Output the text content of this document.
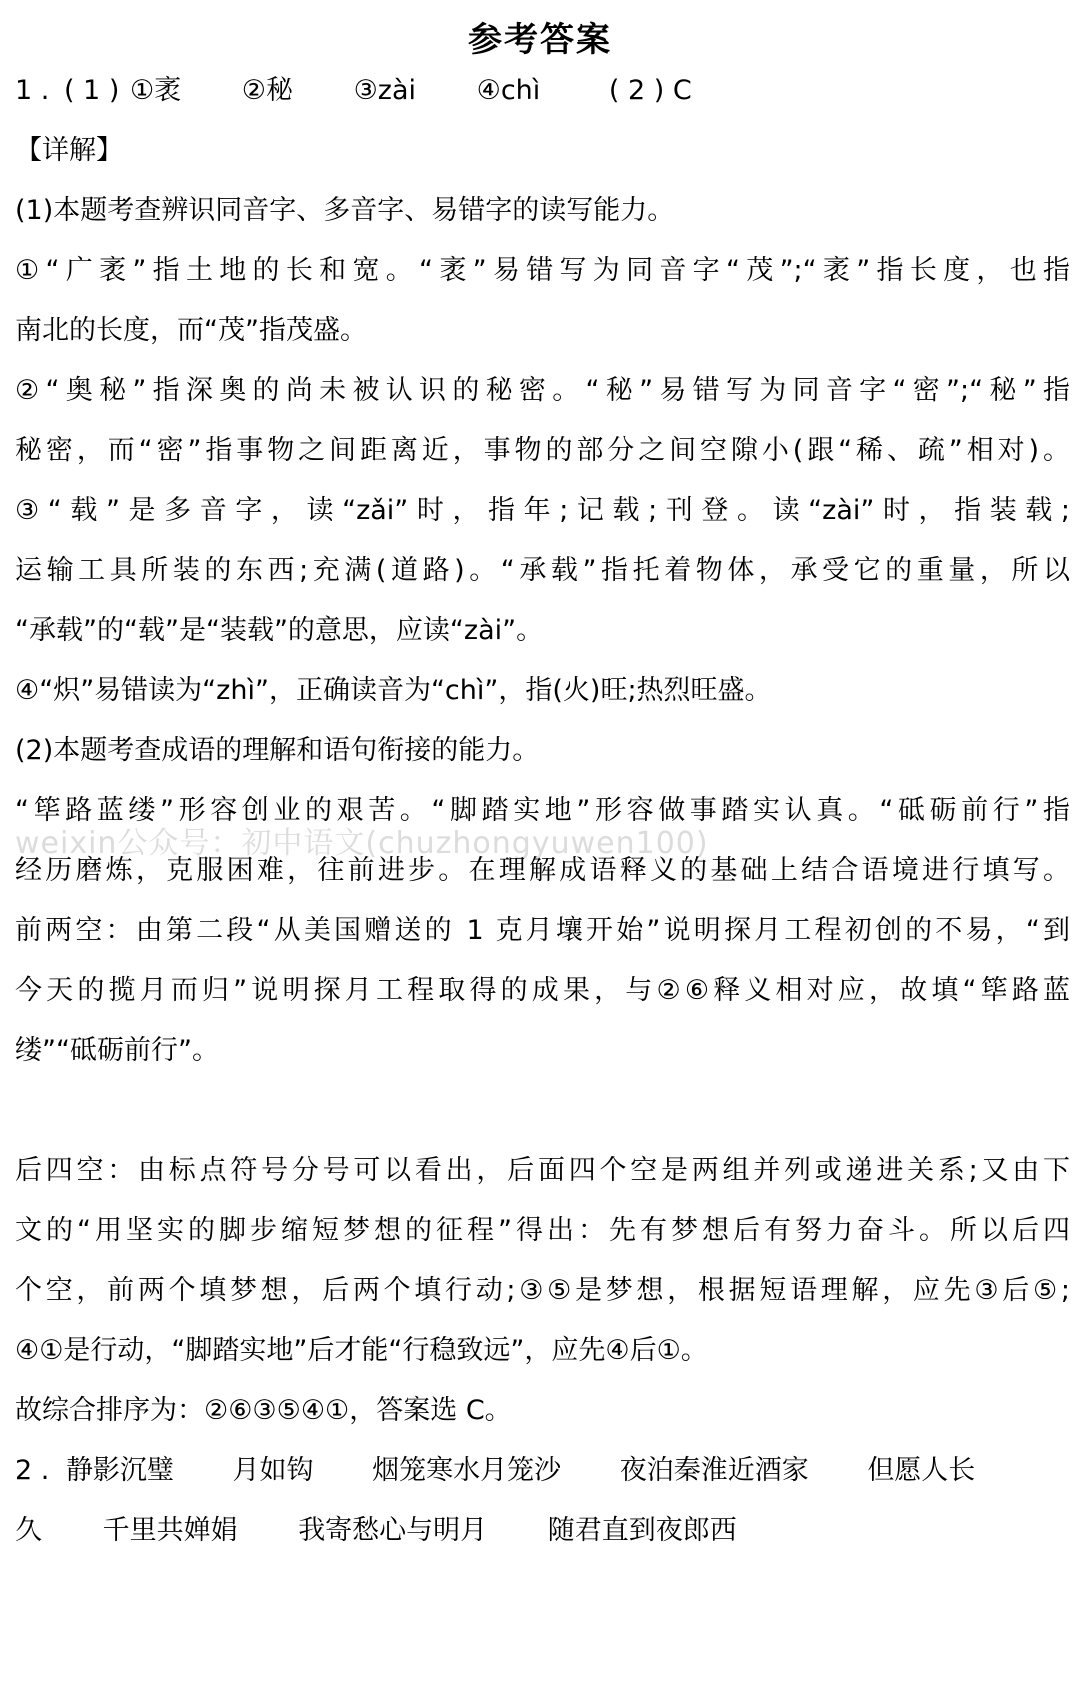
参考答案
1 . ( 1 ) ①袤 ②秘 ③zài ④chì	( 2 ) C
【详解】
(1)本题考查辨识同音字、多音字、易错字的读写能力。
①“广袤”指土地的长和宽。“袤”易错写为同音字“茂”;“袤”指长度，也指
南北的长度，而“茂”指茂盛。
②“奥秘”指深奥的尚未被认识的秘密。“秘”易错写为同音字“密”;“秘”指
秘密，而“密”指事物之间距离近，事物的部分之间空隙小(跟“稀、疏”相对)。
③“载”是多音字，读“zǎi”时，指年;记载;刊登。读“zài”时，指装载;
运输工具所装的东西;充满(道路)。“承载”指托着物体，承受它的重量，所以
“承载”的“载”是“装载”的意思，应读“zài”。
④“炽”易错读为“zhì”，正确读音为“chì”，指(火)旺;热烈旺盛。
(2)本题考查成语的理解和语句衔接的能力。
weixin公众号：初中语文(chuzhongyuwen100)
“筚路蓝缕”形容创业的艰苦。“脚踏实地”形容做事踏实认真。“砥砺前行”指
经历磨炼，克服困难，往前进步。在理解成语释义的基础上结合语境进行填写。
前两空：由第二段“从美国赠送的 1 克月壤开始”说明探月工程初创的不易，“到
今天的揽月而归”说明探月工程取得的成果，与②⑥释义相对应，故填“筚路蓝
缕”“砥砺前行”。
后四空：由标点符号分号可以看出，后面四个空是两组并列或递进关系;又由下
文的“用坚实的脚步缩短梦想的征程”得出：先有梦想后有努力奋斗。所以后四
个空，前两个填梦想，后两个填行动;③⑤是梦想，根据短语理解，应先③后⑤;
④①是行动，“脚踏实地”后才能“行稳致远”，应先④后①。
故综合排序为：②⑥③⑤④①，答案选 C。
2 . 静影沉璧 月如钩 烟笼寒水月笼沙 夜泊秦淮近酒家 但愿人长
久 千里共婵娟 我寄愁心与明月 随君直到夜郎西
